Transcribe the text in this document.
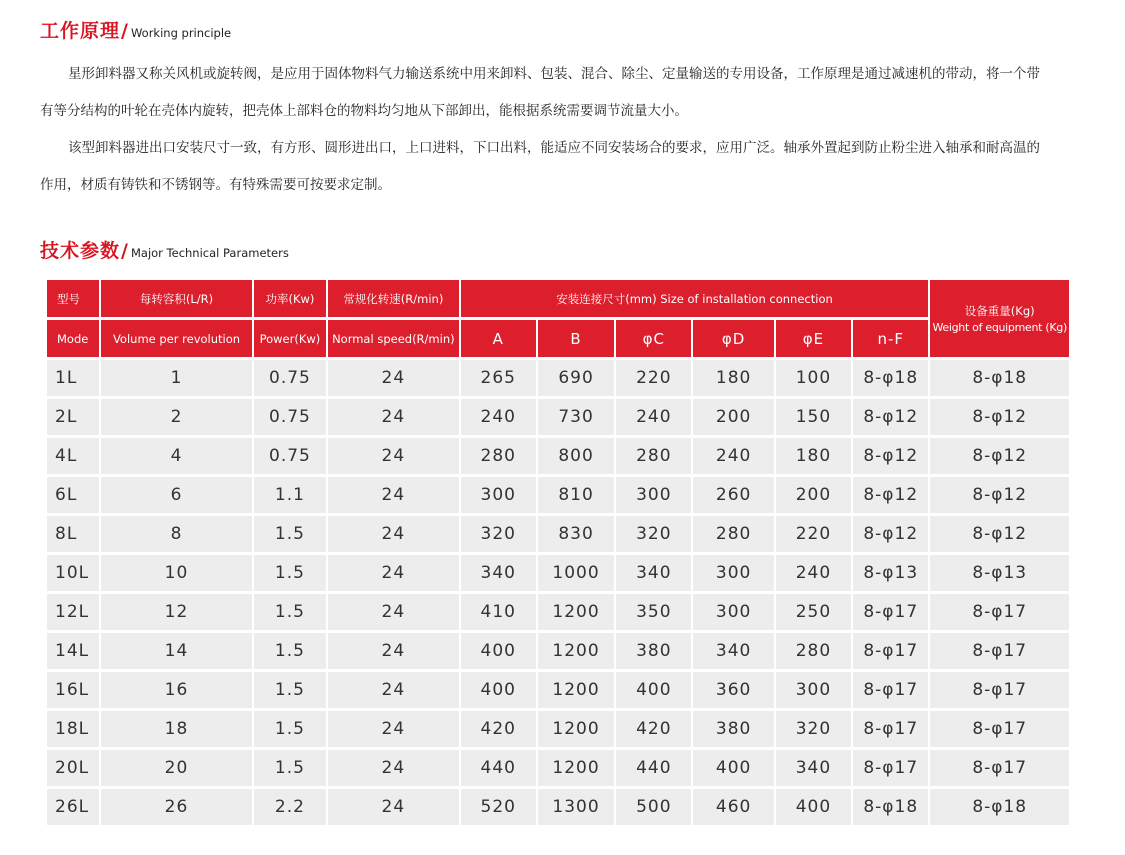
工作原理 / Working principle

星形卸料器又称关风机或旋转阀，是应用于固体物料气力输送系统中用来卸料、包装、混合、除尘、定量输送的专用设备，工作原理是通过减速机的带动，将一个带有等分结构的叶轮在壳体内旋转，把壳体上部料仓的物料均匀地从下部卸出，能根据系统需要调节流量大小。

该型卸料器进出口安装尺寸一致，有方形、圆形进出口，上口进料，下口出料，能适应不同安装场合的要求，应用广泛。轴承外置起到防止粉尘进入轴承和耐高温的作用，材质有铸铁和不锈钢等。有特殊需要可按要求定制。

技术参数 / Major Technical Parameters
型号	每转容积(L/R)	功率(Kw)	常规化转速(R/min)	安装连接尺寸(mm) Size of installation connection						设备重量(Kg)
Weight of equipment (Kg)

Mode	Volume per revolution	Power(Kw)	Normal speed(R/min)	A	B	φC	φD	φE	n-F	
1L	1	0.75	24	265	690	220	180	100	8-φ18	8-φ18
2L	2	0.75	24	240	730	240	200	150	8-φ12	8-φ12
4L	4	0.75	24	280	800	280	240	180	8-φ12	8-φ12
6L	6	1.1	24	300	810	300	260	200	8-φ12	8-φ12
8L	8	1.5	24	320	830	320	280	220	8-φ12	8-φ12
10L	10	1.5	24	340	1000	340	300	240	8-φ13	8-φ13
12L	12	1.5	24	410	1200	350	300	250	8-φ17	8-φ17
14L	14	1.5	24	400	1200	380	340	280	8-φ17	8-φ17
16L	16	1.5	24	400	1200	400	360	300	8-φ17	8-φ17
18L	18	1.5	24	420	1200	420	380	320	8-φ17	8-φ17
20L	20	1.5	24	440	1200	440	400	340	8-φ17	8-φ17
26L	26	2.2	24	520	1300	500	460	400	8-φ18	8-φ18
